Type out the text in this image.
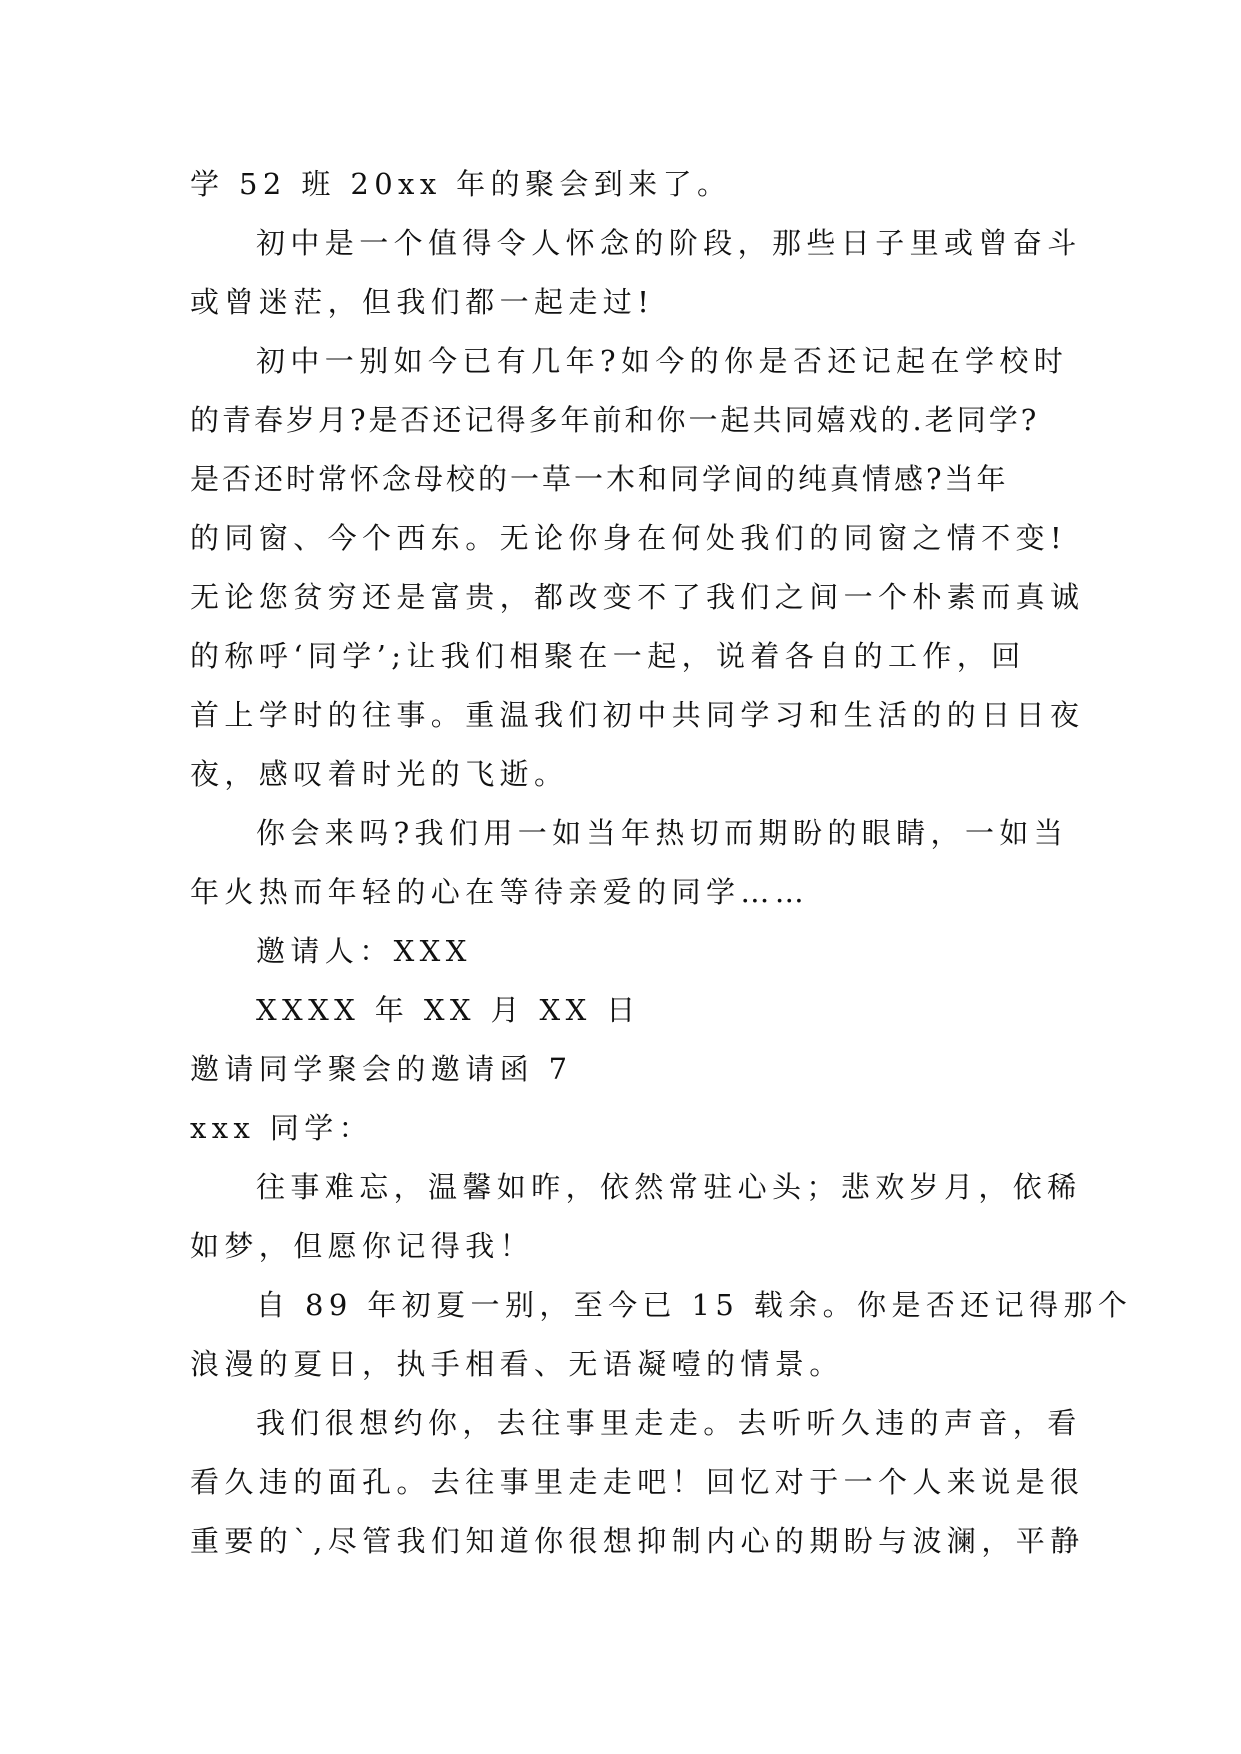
学 52 班 20xx 年的聚会到来了。
初中是一个值得令人怀念的阶段，那些日子里或曾奋斗
或曾迷茫，但我们都一起走过!
初中一别如今已有几年?如今的你是否还记起在学校时
的青春岁月?是否还记得多年前和你一起共同嬉戏的.老同学?
是否还时常怀念母校的一草一木和同学间的纯真情感?当年
的同窗、今个西东。无论你身在何处我们的同窗之情不变!
无论您贫穷还是富贵，都改变不了我们之间一个朴素而真诚
的称呼‘同学’;让我们相聚在一起，说着各自的工作，回
首上学时的往事。重温我们初中共同学习和生活的的日日夜
夜，感叹着时光的飞逝。
你会来吗?我们用一如当年热切而期盼的眼睛，一如当
年火热而年轻的心在等待亲爱的同学……
邀请人：XXX
XXXX 年 XX 月 XX 日
邀请同学聚会的邀请函 7
xxx 同学：
往事难忘，温馨如昨，依然常驻心头；悲欢岁月，依稀
如梦，但愿你记得我！
自 89 年初夏一别，至今已 15 载余。你是否还记得那个
浪漫的夏日，执手相看、无语凝噎的情景。
我们很想约你，去往事里走走。去听听久违的声音，看
看久违的面孔。去往事里走走吧！回忆对于一个人来说是很
重要的`,尽管我们知道你很想抑制内心的期盼与波澜，平静
